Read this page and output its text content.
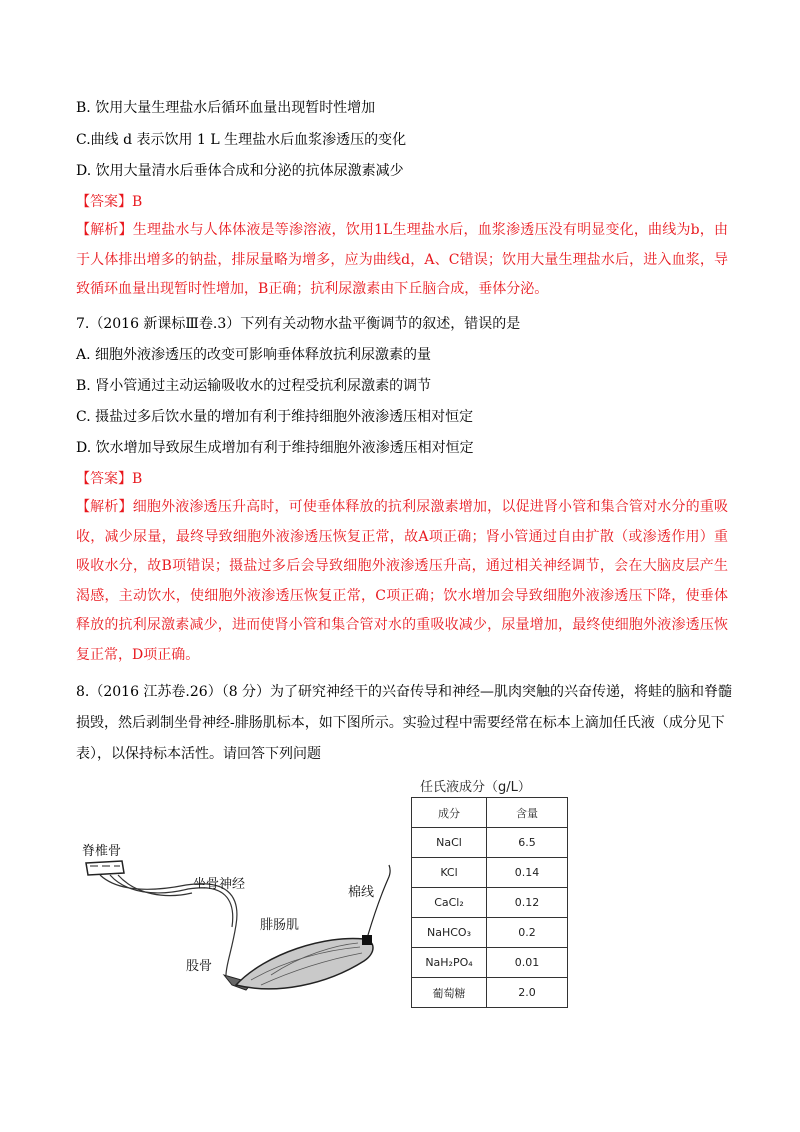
B. 饮用大量生理盐水后循环血量出现暂时性增加
C.曲线 d 表示饮用 1 L 生理盐水后血浆渗透压的变化
D. 饮用大量清水后垂体合成和分泌的抗体尿激素减少
【答案】B
【解析】生理盐水与人体体液是等渗溶液，饮用1L生理盐水后，血浆渗透压没有明显变化，曲线为b，由于人体排出增多的钠盐，排尿量略为增多，应为曲线d，A、C错误；饮用大量生理盐水后，进入血浆，导致循环血量出现暂时性增加，B正确；抗利尿激素由下丘脑合成，垂体分泌。
7.（2016 新课标Ⅲ卷.3）下列有关动物水盐平衡调节的叙述，错误的是
A. 细胞外液渗透压的改变可影响垂体释放抗利尿激素的量
B. 肾小管通过主动运输吸收水的过程受抗利尿激素的调节
C. 摄盐过多后饮水量的增加有利于维持细胞外液渗透压相对恒定
D. 饮水增加导致尿生成增加有利于维持细胞外液渗透压相对恒定
【答案】B
【解析】细胞外液渗透压升高时，可使垂体释放的抗利尿激素增加，以促进肾小管和集合管对水分的重吸收，减少尿量，最终导致细胞外液渗透压恢复正常，故A项正确；肾小管通过自由扩散（或渗透作用）重吸收水分，故B项错误；摄盐过多后会导致细胞外液渗透压升高，通过相关神经调节，会在大脑皮层产生渴感，主动饮水，使细胞外液渗透压恢复正常，C项正确；饮水增加会导致细胞外液渗透压下降，使垂体释放的抗利尿激素减少，进而使肾小管和集合管对水的重吸收减少，尿量增加，最终使细胞外液渗透压恢复正常，D项正确。
8.（2016 江苏卷.26）（8 分）为了研究神经干的兴奋传导和神经—肌肉突触的兴奋传递，将蛙的脑和脊髓
损毁，然后剥制坐骨神经-腓肠肌标本，如下图所示。实验过程中需要经常在标本上滴加任氏液（成分见下
表），以保持标本活性。请回答下列问题
脊椎骨
坐骨神经
棉线
腓肠肌
股骨
任氏液成分（g/L）
成分	含量
NaCl	6.5
KCl	0.14
CaCl₂	0.12
NaHCO₃	0.2
NaH₂PO₄	0.01
葡萄糖	2.0
